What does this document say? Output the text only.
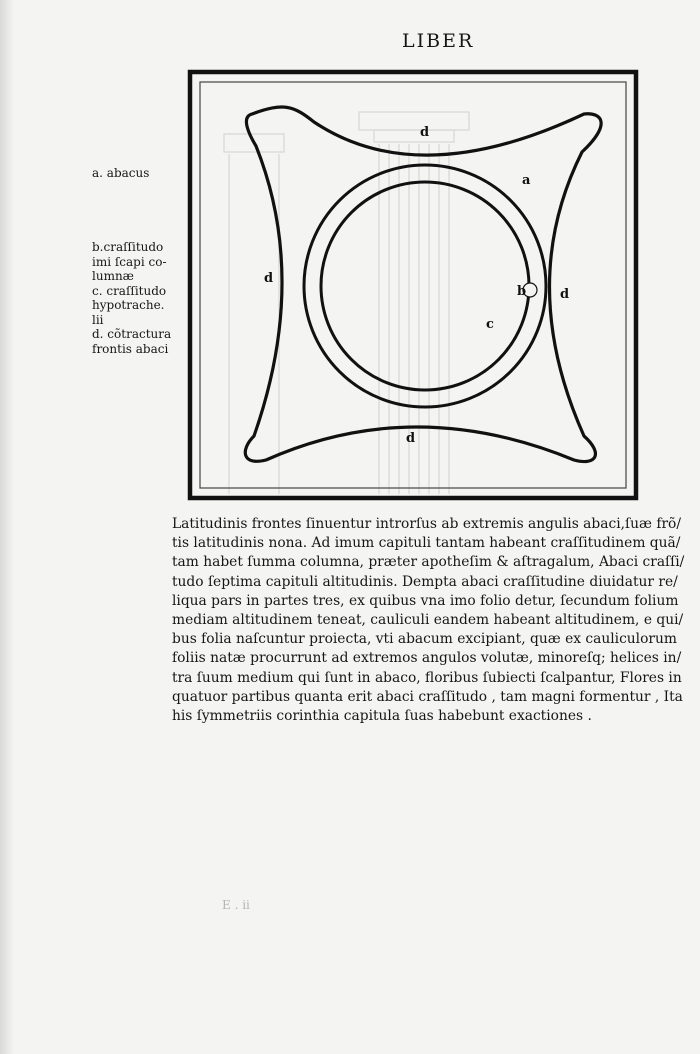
LIBER
a. abacus
b.craſſitudo
imi ſcapi co-
lumnæ
c. craſſitudo
hypotrache.
lii
d. cõtractura
frontis abaci
d
a
d
b	d
c
d
Latitudinis frontes ſinuentur introrſus ab extremis angulis abaci,ſuæ frõ/
tis latitudinis nona. Ad imum capituli tantam habeant craſſitudinem quã/
tam habet ſumma columna, præter apotheſim & aſtragalum, Abaci craſſi/
tudo ſeptima capituli altitudinis. Dempta abaci craſſitudine diuidatur re/
liqua pars in partes tres, ex quibus vna imo folio detur, ſecundum folium
mediam altitudinem teneat, cauliculi eandem habeant altitudinem, e qui/
bus folia naſcuntur proiecta, vti abacum excipiant, quæ ex cauliculorum
foliis natæ procurrunt ad extremos angulos volutæ, minoreſq; helices in/
tra ſuum medium qui ſunt in abaco, floribus ſubiecti ſcalpantur, Flores in
quatuor partibus quanta erit abaci craſſitudo , tam magni formentur , Ita
his ſymmetriis corinthia capitula ſuas habebunt exactiones .
E . ii
